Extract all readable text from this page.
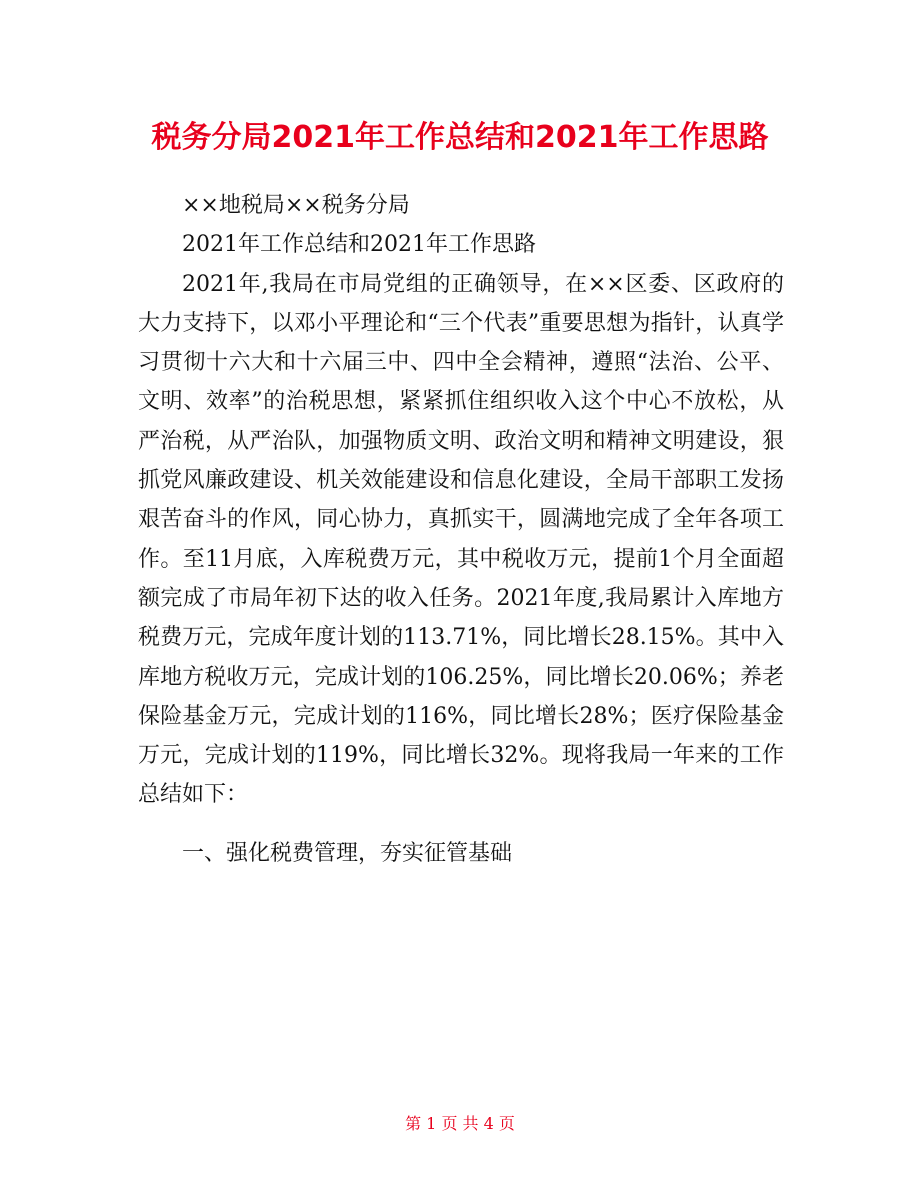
税务分局2021年工作总结和2021年工作思路

××地税局××税务分局

2021年工作总结和2021年工作思路

2021年,我局在市局党组的正确领导，在××区委、区政府的大力支持下，以邓小平理论和“三个代表”重要思想为指针，认真学习贯彻十六大和十六届三中、四中全会精神，遵照“法治、公平、文明、效率”的治税思想，紧紧抓住组织收入这个中心不放松，从严治税，从严治队，加强物质文明、政治文明和精神文明建设，狠抓党风廉政建设、机关效能建设和信息化建设，全局干部职工发扬艰苦奋斗的作风，同心协力，真抓实干，圆满地完成了全年各项工作。至11月底，入库税费万元，其中税收万元，提前1个月全面超额完成了市局年初下达的收入任务。2021年度,我局累计入库地方税费万元，完成年度计划的113.71%，同比增长28.15%。其中入库地方税收万元，完成计划的106.25%，同比增长20.06%；养老保险基金万元，完成计划的116%，同比增长28%；医疗保险基金万元，完成计划的119%，同比增长32%。现将我局一年来的工作总结如下：

一、强化税费管理，夯实征管基础

第 1 页 共 4 页
